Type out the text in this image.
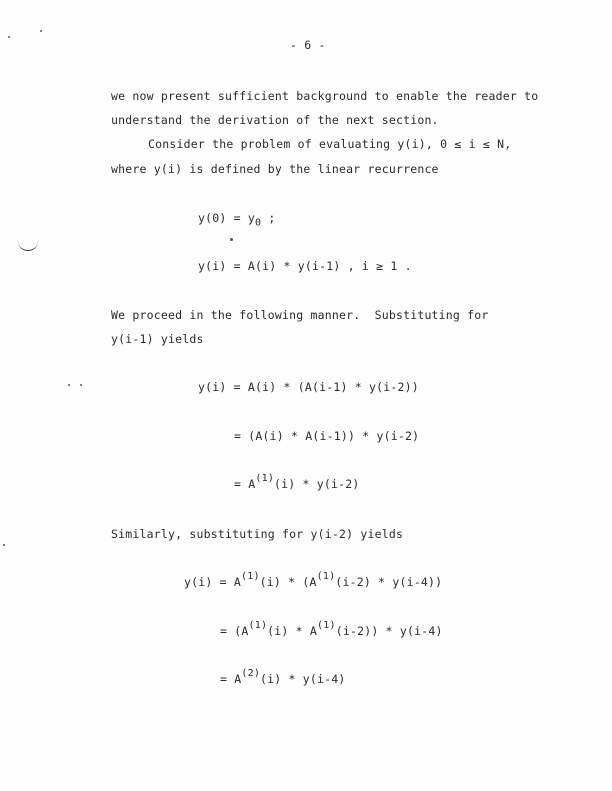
- 6 -
we now present sufficient background to enable the reader to
understand the derivation of the next section.
Consider the problem of evaluating y(i), 0 ≤ i ≤ N,
where y(i) is defined by the linear recurrence
$y(0) = y_0$ ;
y(i) = A(i) * y(i-1) , i ≥ 1 .
We proceed in the following manner.  Substituting for
y(i-1) yields
y(i) = A(i) * (A(i-1) * y(i-2))
= (A(i) * A(i-1)) * y(i-2)
= $A^{(1)}(i) * y(i-2)$
Similarly, substituting for y(i-2) yields
$y(i) = A^{(1)}(i) * (A^{(1)}(i-2) * y(i-4))$
= $(A^{(1)}(i) * A^{(1)}(i-2)) * y(i-4)$
= $A^{(2)}(i) * y(i-4)$
